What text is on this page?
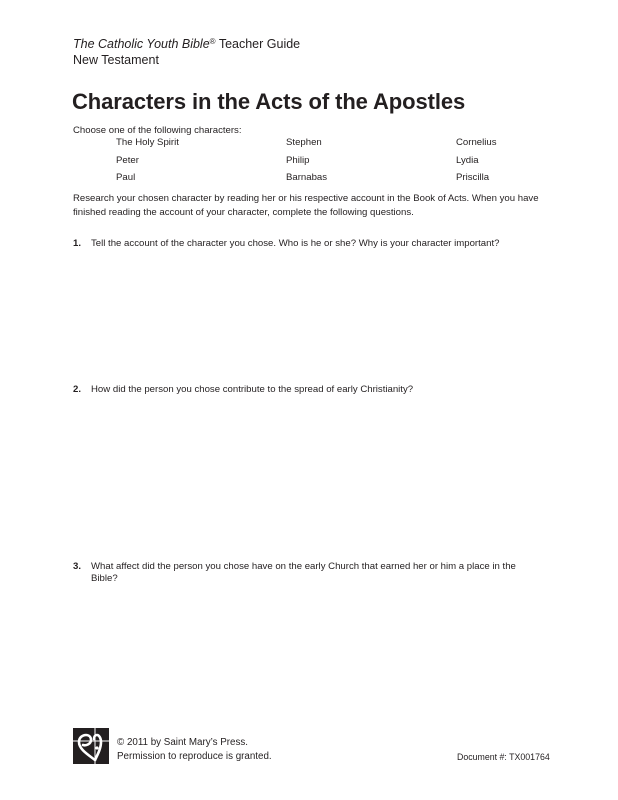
The Catholic Youth Bible® Teacher Guide
New Testament
Characters in the Acts of the Apostles
Choose one of the following characters:
The Holy Spirit	Stephen	Cornelius
Peter	Philip	Lydia
Paul	Barnabas	Priscilla

Research your chosen character by reading her or his respective account in the Book of Acts. When you have finished reading the account of your character, complete the following questions.

1. Tell the account of the character you chose. Who is he or she? Why is your character important?
2. How did the person you chose contribute to the spread of early Christianity?
3. What affect did the person you chose have on the early Church that earned her or him a place in the Bible?
© 2011 by Saint Mary’s Press.
Permission to reproduce is granted.	Document #: TX001764
